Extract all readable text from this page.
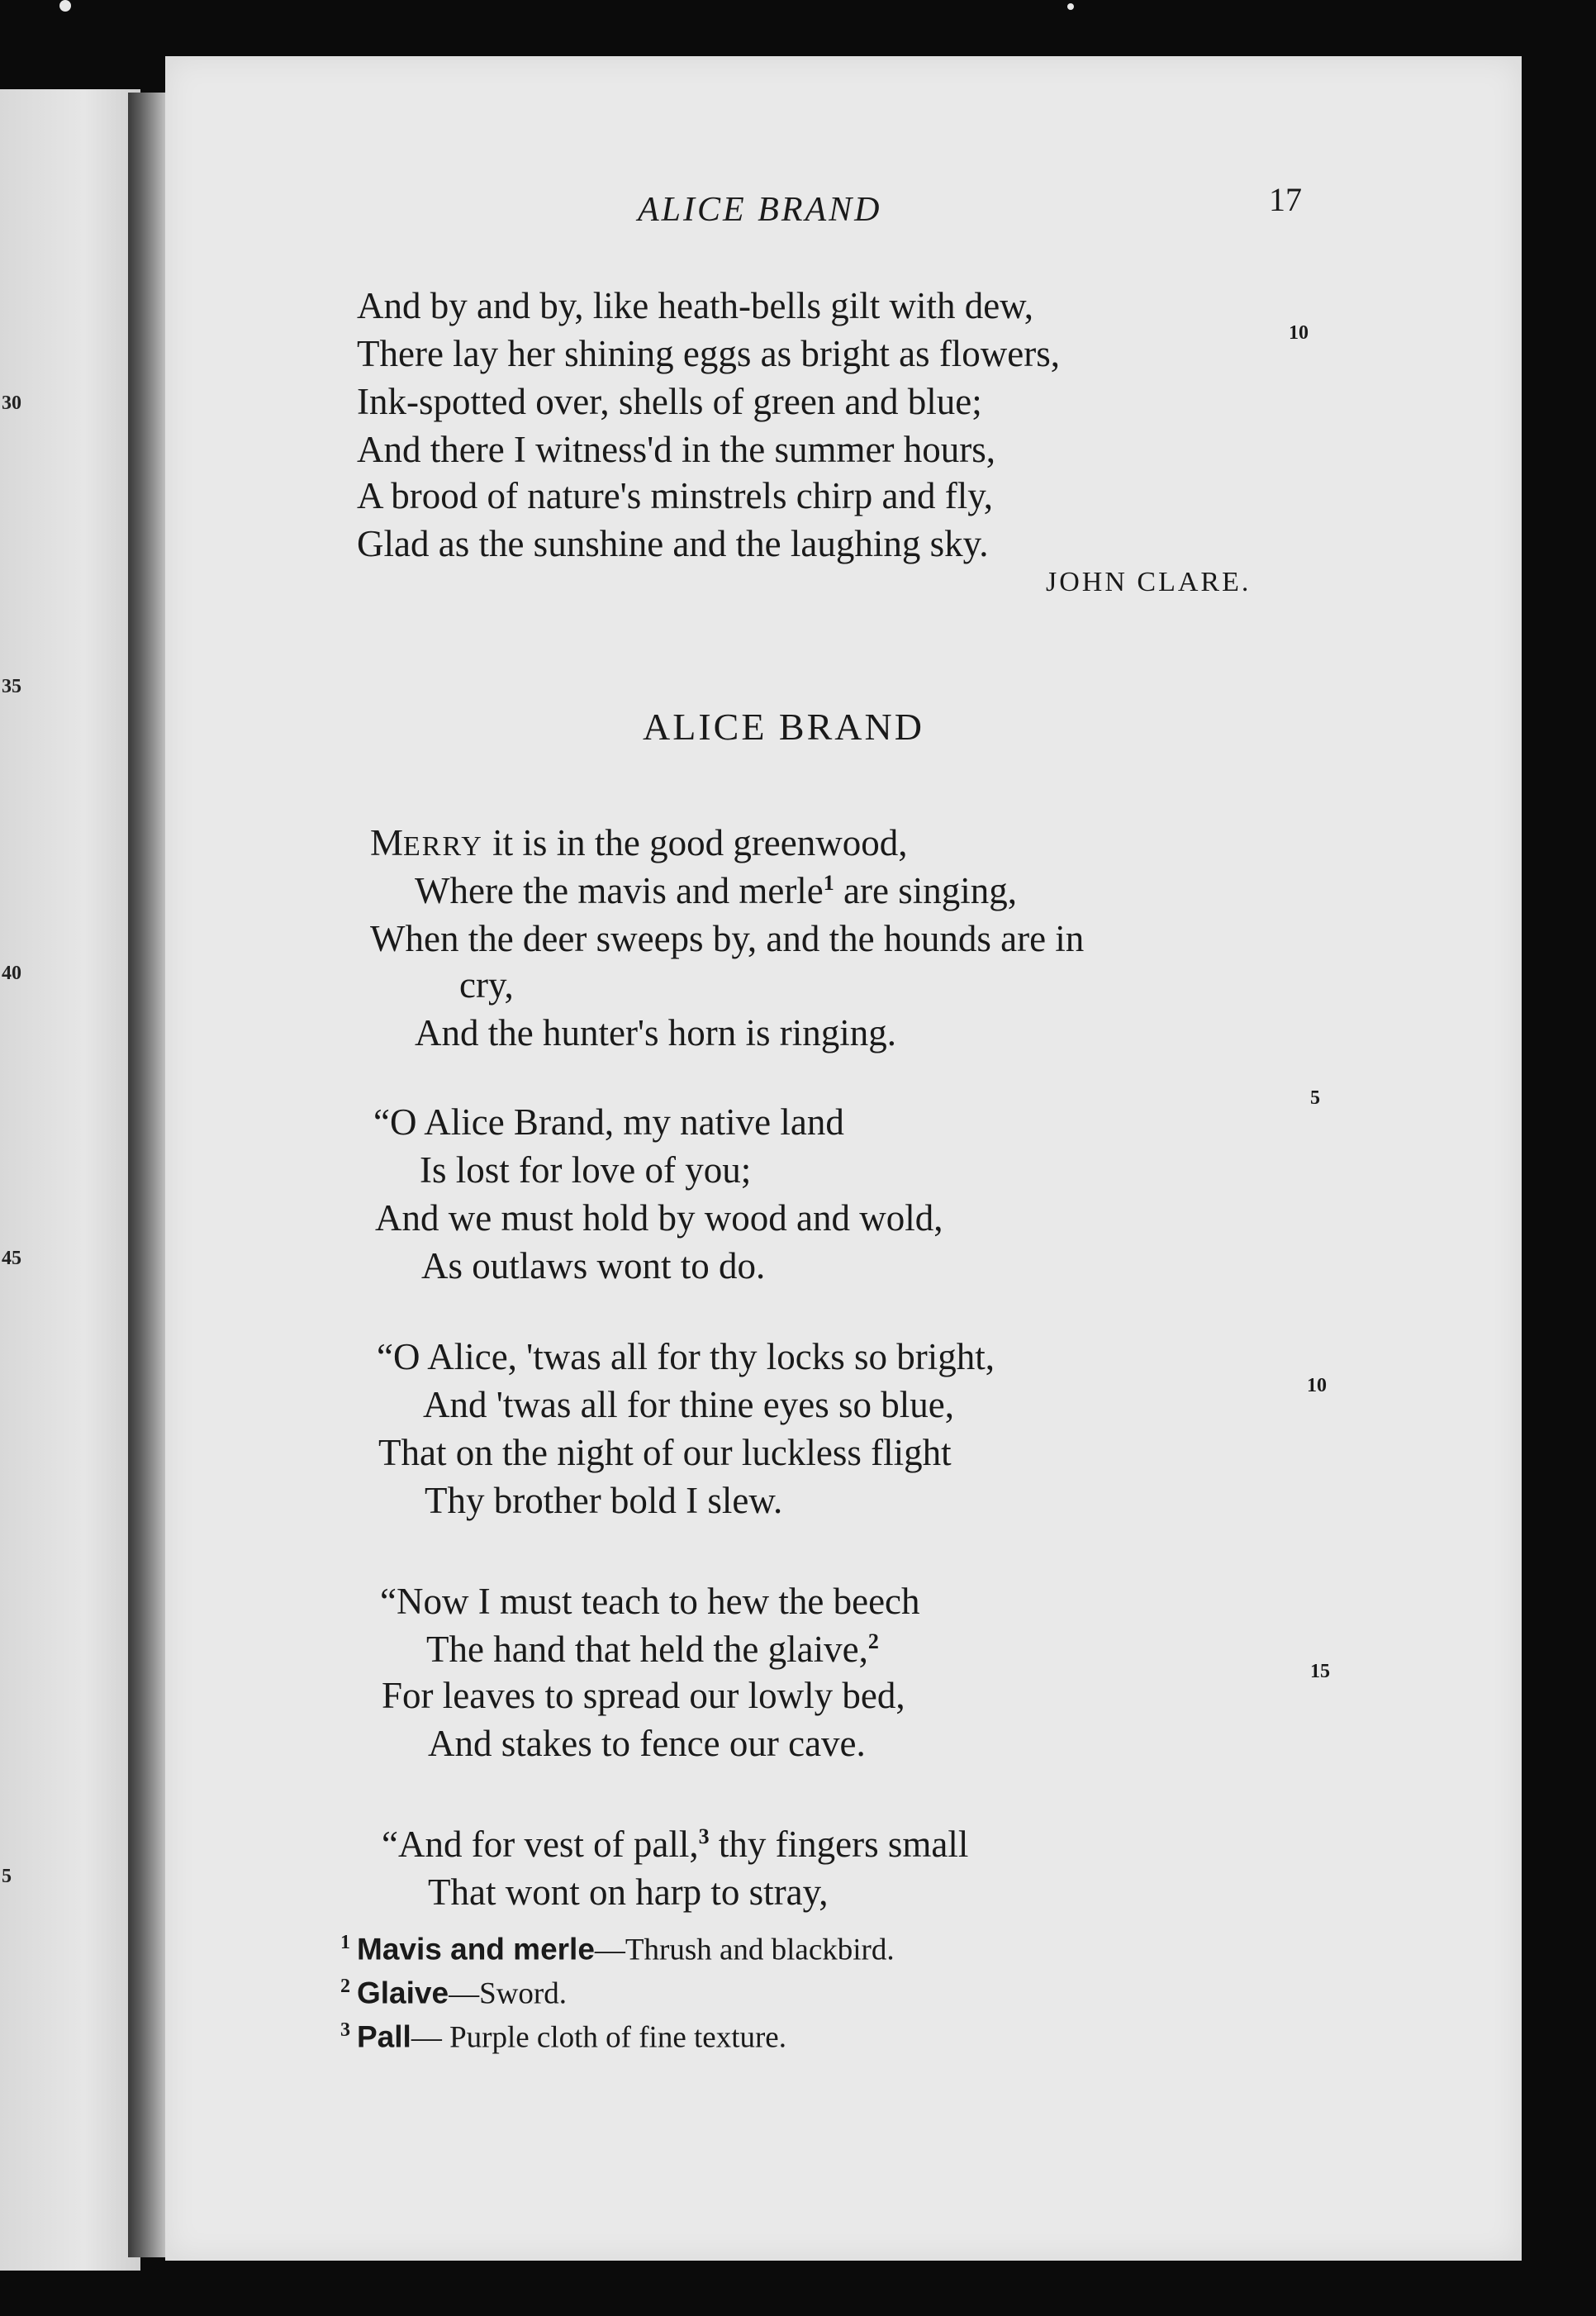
30
35
40
45
5
ALICE BRAND	17
And by and by, like heath-bells gilt with dew,
There lay her shining eggs as bright as flowers,	10
Ink-spotted over, shells of green and blue;
And there I witness'd in the summer hours,
A brood of nature's minstrels chirp and fly,
Glad as the sunshine and the laughing sky.
JOHN CLARE.
ALICE BRAND
MERRY it is in the good greenwood,
Where the mavis and merle$^1$ are singing,
When the deer sweeps by, and the hounds are in
cry,
And the hunter's horn is ringing.
5
“O Alice Brand, my native land
Is lost for love of you;
And we must hold by wood and wold,
As outlaws wont to do.
“O Alice, 'twas all for thy locks so bright,
10
And 'twas all for thine eyes so blue,
That on the night of our luckless flight
Thy brother bold I slew.
“Now I must teach to hew the beech
The hand that held the glaive,$^2$
15
For leaves to spread our lowly bed,
And stakes to fence our cave.
“And for vest of pall,$^3$ thy fingers small
That wont on harp to stray,
$^1$ Mavis and merle—Thrush and blackbird.
$^2$ Glaive—Sword.
$^3$ Pall— Purple cloth of fine texture.
